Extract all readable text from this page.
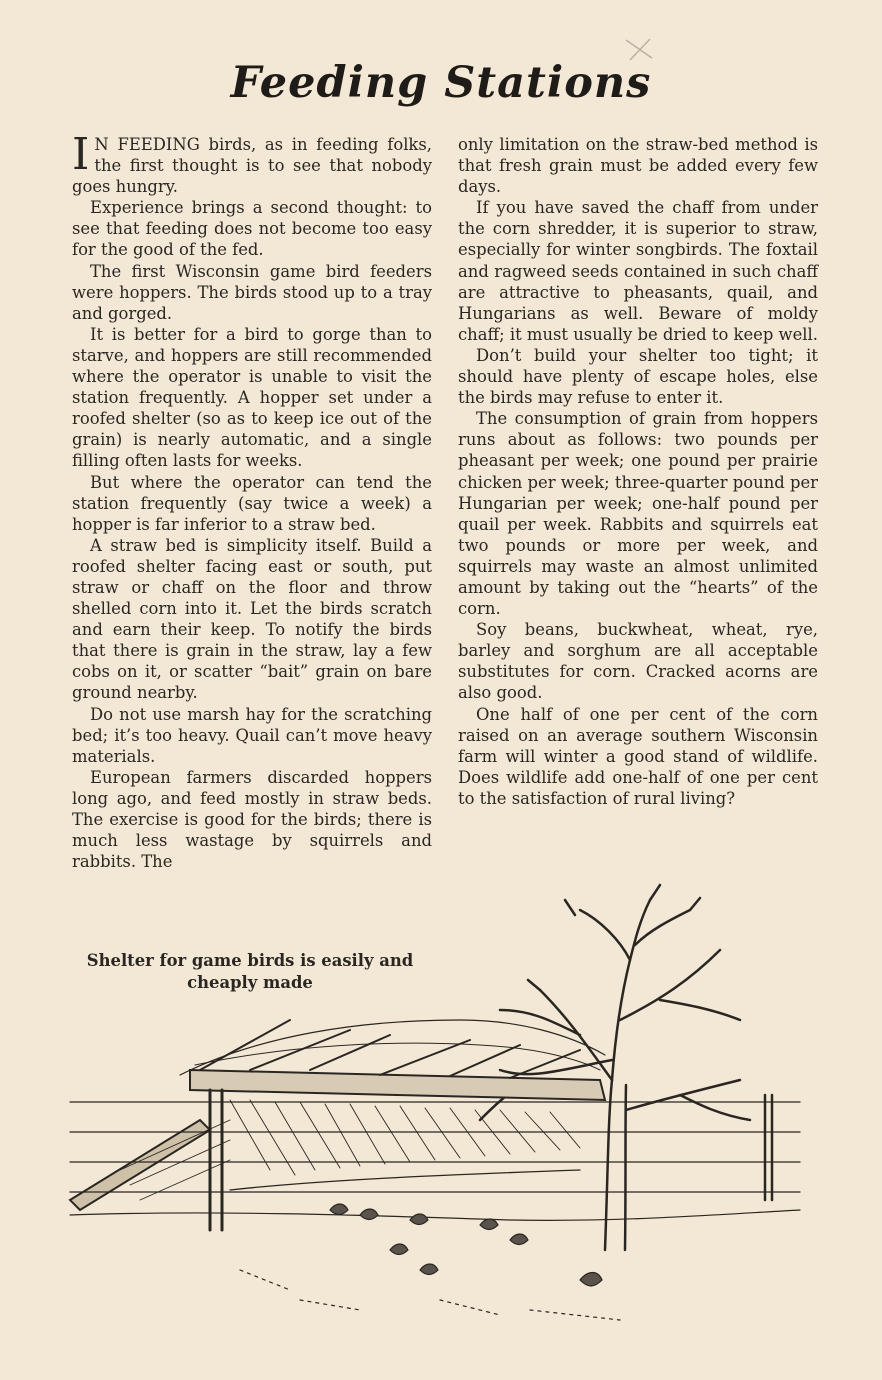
Feeding Stations

I N FEEDING birds, as in feeding folks, the first thought is to see that nobody goes hungry.

Experience brings a second thought: to see that feeding does not become too easy for the good of the fed.

The first Wisconsin game bird feeders were hoppers. The birds stood up to a tray and gorged.

It is better for a bird to gorge than to starve, and hoppers are still recommended where the operator is unable to visit the station frequently. A hopper set under a roofed shelter (so as to keep ice out of the grain) is nearly automatic, and a single filling often lasts for weeks.

But where the operator can tend the station frequently (say twice a week) a hopper is far inferior to a straw bed.

A straw bed is simplicity itself. Build a roofed shelter facing east or south, put straw or chaff on the floor and throw shelled corn into it. Let the birds scratch and earn their keep. To notify the birds that there is grain in the straw, lay a few cobs on it, or scatter “bait” grain on bare ground nearby.

Do not use marsh hay for the scratching bed; it’s too heavy. Quail can’t move heavy materials.

European farmers discarded hoppers long ago, and feed mostly in straw beds. The exercise is good for the birds; there is much less wastage by squirrels and rabbits. The

only limitation on the straw-bed method is that fresh grain must be added every few days.

If you have saved the chaff from under the corn shredder, it is superior to straw, especially for winter songbirds. The foxtail and ragweed seeds contained in such chaff are attractive to pheasants, quail, and Hungarians as well. Beware of moldy chaff; it must usually be dried to keep well.

Don’t build your shelter too tight; it should have plenty of escape holes, else the birds may refuse to enter it.

The consumption of grain from hoppers runs about as follows: two pounds per pheasant per week; one pound per prairie chicken per week; three-quarter pound per Hungarian per week; one-half pound per quail per week. Rabbits and squirrels eat two pounds or more per week, and squirrels may waste an almost unlimited amount by taking out the “hearts” of the corn.

Soy beans, buckwheat, wheat, rye, barley and sorghum are all acceptable substitutes for corn. Cracked acorns are also good.

One half of one per cent of the corn raised on an average southern Wisconsin farm will winter a good stand of wildlife. Does wildlife add one-half of one per cent to the satisfaction of rural living?

Shelter for game birds is easily and cheaply made
